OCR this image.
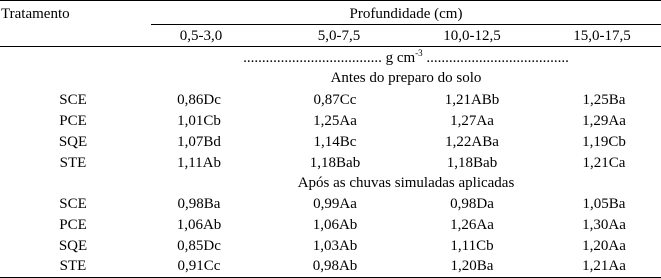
Tratamento	Profundidade (cm)
0,5-3,0	5,0-7,5	10,0-12,5	15,0-17,5
..................................... g $cm^{-3}$ ......................................
Antes do preparo do solo
SCE	0,86Dc	0,87Cc	1,21ABb	1,25Ba
PCE	1,01Cb	1,25Aa	1,27Aa	1,29Aa
SQE	1,07Bd	1,14Bc	1,22ABa	1,19Cb
STE	1,11Ab	1,18Bab	1,18Bab	1,21Ca
Após as chuvas simuladas aplicadas
SCE	0,98Ba	0,99Aa	0,98Da	1,05Ba
PCE	1,06Ab	1,06Ab	1,26Aa	1,30Aa
SQE	0,85Dc	1,03Ab	1,11Cb	1,20Aa
STE	0,91Cc	0,98Ab	1,20Ba	1,21Aa
